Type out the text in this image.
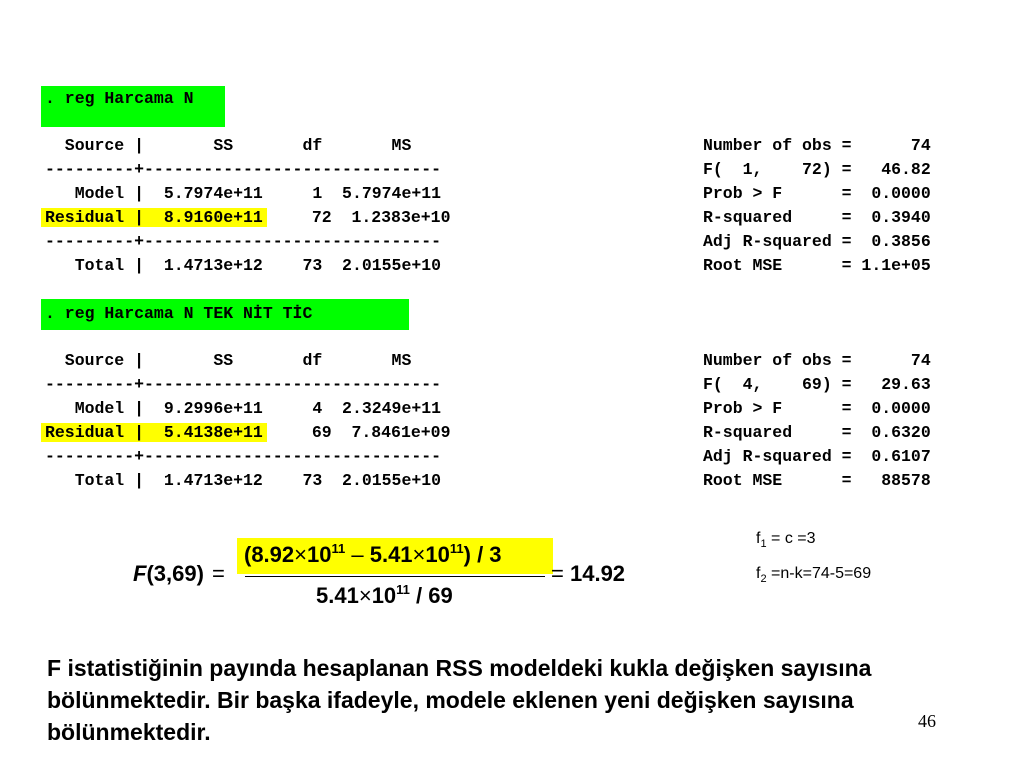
. reg Harcama N
Source |       SS       df       MS
---------+------------------------------
Model |  5.7974e+11     1  5.7974e+11
Residual |  8.9160e+11	72  1.2383e+10
---------+------------------------------
Total |  1.4713e+12    73  2.0155e+10
Number of obs =      74
F(  1,    72) =   46.82
Prob > F      =  0.0000
R-squared     =  0.3940
Adj R-squared =  0.3856
Root MSE      = 1.1e+05
. reg Harcama N TEK NİT TİC
Source |       SS       df       MS
---------+------------------------------
Model |  9.2996e+11     4  2.3249e+11
Residual |  5.4138e+11	69  7.8461e+09
---------+------------------------------
Total |  1.4713e+12    73  2.0155e+10
Number of obs =      74
F(  4,    69) =   29.63
Prob > F      =  0.0000
R-squared     =  0.6320
Adj R-squared =  0.6107
Root MSE      =   88578
F(3,69) =
$(8.92\times 10^{11} - 5.41\times 10^{11}) / 3$
$5.41\times 10^{11} / 69$
= 14.92
$f_1 = c =3$
$f_2 =n-k=74-5=69$
F istatistiğinin payında hesaplanan RSS modeldeki kukla değişken sayısına bölünmektedir. Bir başka ifadeyle, modele eklenen yeni değişken sayısına bölünmektedir.	46
